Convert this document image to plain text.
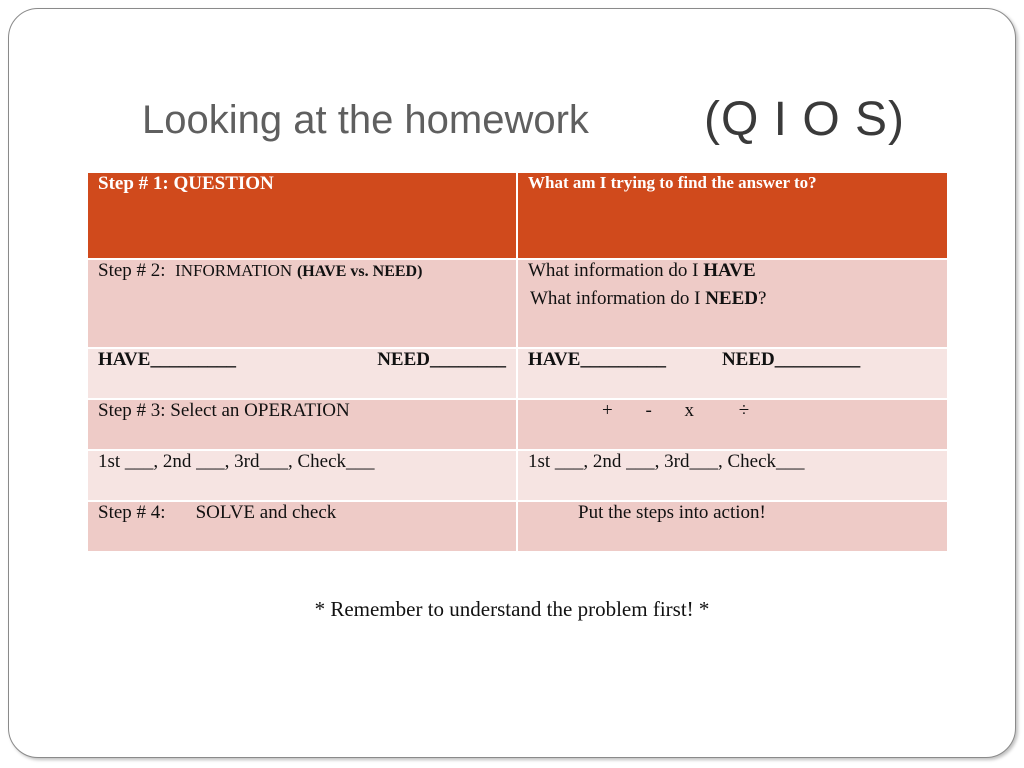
Looking at the homework (Q I O S)
Step # 1: QUESTION	What am I trying to find the answer to?
Step # 2: INFORMATION (HAVE vs. NEED)	What information do I HAVE
What information do I NEED?

HAVE_________ NEED________	HAVE_________ NEED_________

Step # 3: Select an OPERATION	+ - x ÷

1st ___, 2nd ___, 3rd___, Check___	1st ___, 2nd ___, 3rd___, Check___
Step # 4: SOLVE and check	Put the steps into action!
* Remember to understand the problem first! *
